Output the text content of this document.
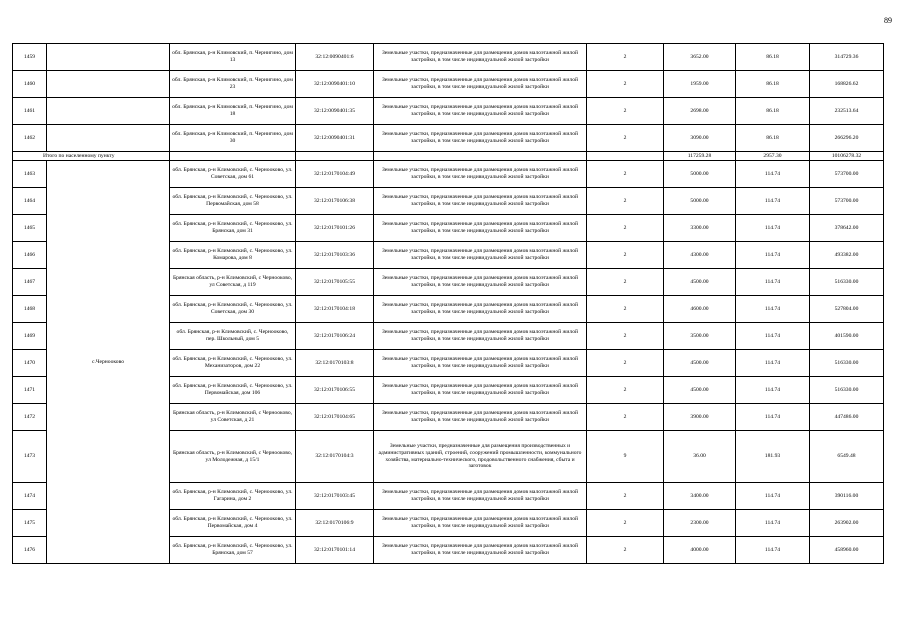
89
1459		обл. Брянская, р-н Климовский, п. Чернигино, дом 13	32:12:0090401:6	Земельные участки, предназначенные для размещения домов малоэтажной жилой застройки, в том числе индивидуальной жилой застройки	2	3652.00	86.18	314729.36
1460		обл. Брянская, р-н Климовский, п. Чернигино, дом 23	32:12:0090401:10	Земельные участки, предназначенные для размещения домов малоэтажной жилой застройки, в том числе индивидуальной жилой застройки	2	1959.00	86.18	168826.62
1461		обл. Брянская, р-н Климовский, п. Чернигино, дом 18	32:12:0090401:35	Земельные участки, предназначенные для размещения домов малоэтажной жилой застройки, в том числе индивидуальной жилой застройки	2	2698.00	86.18	232513.64
1462		обл. Брянская, р-н Климовский, п. Чернигино, дом 30	32:12:0090401:31	Земельные участки, предназначенные для размещения домов малоэтажной жилой застройки, в том числе индивидуальной жилой застройки	2	3090.00	86.18	266296.20
Итого по населенному пункту						117259.28	2957.30	10106278.32
1463	с.Чернооково	обл. Брянская, р-н Климовский, с. Чернооково, ул. Советская, дом 61	32:12:0170104:49	Земельные участки, предназначенные для размещения домов малоэтажной жилой застройки, в том числе индивидуальной жилой застройки	2	5000.00	114.74	573700.00
1464		обл. Брянская, р-н Климовский, с. Чернооково, ул. Первомайская, дом 58	32:12:0170106:38	Земельные участки, предназначенные для размещения домов малоэтажной жилой застройки, в том числе индивидуальной жилой застройки	2	5000.00	114.74	573700.00
1465		обл. Брянская, р-н Климовский, с. Чернооково, ул. Брянская, дом 31	32:12:0170101:26	Земельные участки, предназначенные для размещения домов малоэтажной жилой застройки, в том числе индивидуальной жилой застройки	2	3300.00	114.74	378642.00
1466		обл. Брянская, р-н Климовский, с. Чернооково, ул. Комарова, дом 8	32:12:0170103:36	Земельные участки, предназначенные для размещения домов малоэтажной жилой застройки, в том числе индивидуальной жилой застройки	2	4300.00	114.74	493382.00
1467		Брянская область, р-н Климовский, с Чернооково, ул Советская, д 119	32:12:0170105:55	Земельные участки, предназначенные для размещения домов малоэтажной жилой застройки, в том числе индивидуальной жилой застройки	2	4500.00	114.74	516330.00
1468		обл. Брянская, р-н Климовский, с. Чернооково, ул. Советская, дом 30	32:12:0170104:18	Земельные участки, предназначенные для размещения домов малоэтажной жилой застройки, в том числе индивидуальной жилой застройки	2	4600.00	114.74	527804.00
1469		обл. Брянская, р-н Климовский, с. Чернооково, пер. Школьный, дом 5	32:12:0170106:24	Земельные участки, предназначенные для размещения домов малоэтажной жилой застройки, в том числе индивидуальной жилой застройки	2	3500.00	114.74	401590.00
1470		обл. Брянская, р-н Климовский, с. Чернооково, ул. Механизаторов, дом 22	32:12:0170103:8	Земельные участки, предназначенные для размещения домов малоэтажной жилой застройки, в том числе индивидуальной жилой застройки	2	4500.00	114.74	516330.00
1471		обл. Брянская, р-н Климовский, с. Чернооково, ул. Первомайская, дом 106	32:12:0170106:55	Земельные участки, предназначенные для размещения домов малоэтажной жилой застройки, в том числе индивидуальной жилой застройки	2	4500.00	114.74	516330.00
1472		Брянская область, р-н Климовский, с Чернооково, ул Советская, д 21	32:12:0170104:65	Земельные участки, предназначенные для размещения домов малоэтажной жилой застройки, в том числе индивидуальной жилой застройки	2	3900.00	114.74	447486.00
1473		Брянская область, р-н Климовский, с Чернооково, ул Молодежная, д 15/1	32:12:0170104:3	Земельные участки, предназначенные для размещения производственных и административных зданий, строений, сооружений промышленности, коммунального хозяйства, материально-технического, продовольственного снабжения, сбыта и заготовок	9	36.00	181.93	6549.48
1474		обл. Брянская, р-н Климовский, с. Чернооково, ул. Гагарина, дом 2	32:12:0170103:45	Земельные участки, предназначенные для размещения домов малоэтажной жилой застройки, в том числе индивидуальной жилой застройки	2	3400.00	114.74	390116.00
1475		обл. Брянская, р-н Климовский, с. Чернооково, ул. Первомайская, дом 4	32:12:0170106:9	Земельные участки, предназначенные для размещения домов малоэтажной жилой застройки, в том числе индивидуальной жилой застройки	2	2300.00	114.74	263902.00
1476		обл. Брянская, р-н Климовский, с. Чернооково, ул. Брянская, дом 57	32:12:0170101:14	Земельные участки, предназначенные для размещения домов малоэтажной жилой застройки, в том числе индивидуальной жилой застройки	2	4000.00	114.74	458960.00
